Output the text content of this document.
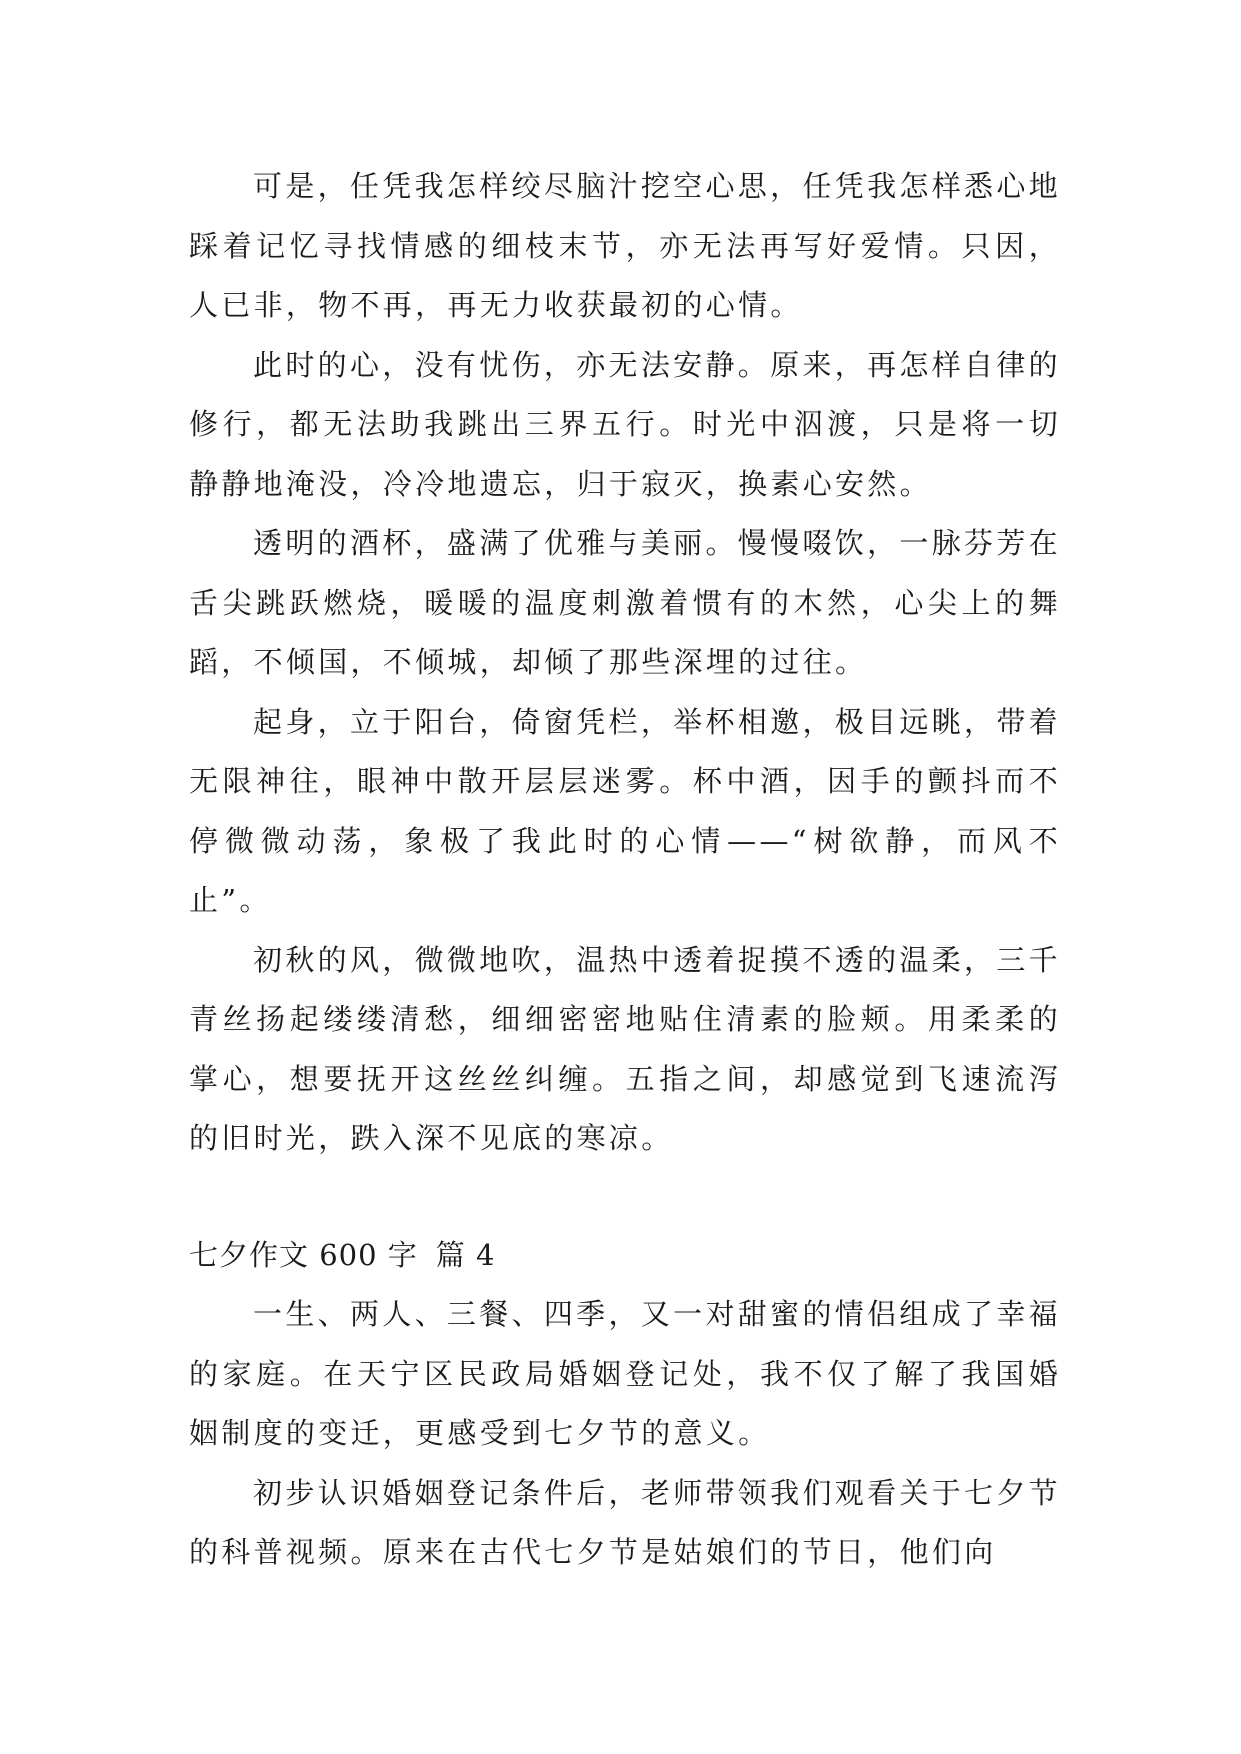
可是，任凭我怎样绞尽脑汁挖空心思，任凭我怎样悉心地踩着记忆寻找情感的细枝末节，亦无法再写好爱情。只因，人已非，物不再，再无力收获最初的心情。

此时的心，没有忧伤，亦无法安静。原来，再怎样自律的修行，都无法助我跳出三界五行。时光中泅渡，只是将一切静静地淹没，冷冷地遗忘，归于寂灭，换素心安然。

透明的酒杯，盛满了优雅与美丽。慢慢啜饮，一脉芬芳在舌尖跳跃燃烧，暖暖的温度刺激着惯有的木然，心尖上的舞蹈，不倾国，不倾城，却倾了那些深埋的过往。

起身，立于阳台，倚窗凭栏，举杯相邀，极目远眺，带着无限神往，眼神中散开层层迷雾。杯中酒，因手的颤抖而不停微微动荡，象极了我此时的心情——“树欲静，而风不止”。

初秋的风，微微地吹，温热中透着捉摸不透的温柔，三千青丝扬起缕缕清愁，细细密密地贴住清素的脸颊。用柔柔的掌心，想要抚开这丝丝纠缠。五指之间，却感觉到飞速流泻的旧时光，跌入深不见底的寒凉。

七夕作文 600 字 篇 4

一生、两人、三餐、四季，又一对甜蜜的情侣组成了幸福的家庭。在天宁区民政局婚姻登记处，我不仅了解了我国婚姻制度的变迁，更感受到七夕节的意义。

初步认识婚姻登记条件后，老师带领我们观看关于七夕节的科普视频。原来在古代七夕节是姑娘们的节日，他们向
